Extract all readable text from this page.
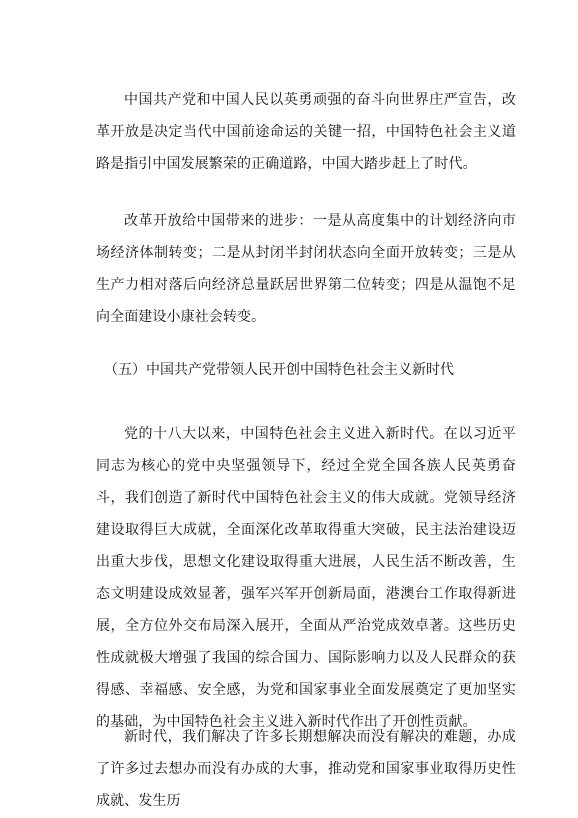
中国共产党和中国人民以英勇顽强的奋斗向世界庄严宣告，改革开放是决定当代中国前途命运的关键一招，中国特色社会主义道路是指引中国发展繁荣的正确道路，中国大踏步赶上了时代。

改革开放给中国带来的进步：一是从高度集中的计划经济向市场经济体制转变；二是从封闭半封闭状态向全面开放转变；三是从生产力相对落后向经济总量跃居世界第二位转变；四是从温饱不足向全面建设小康社会转变。

（五）中国共产党带领人民开创中国特色社会主义新时代

党的十八大以来，中国特色社会主义进入新时代。在以习近平同志为核心的党中央坚强领导下，经过全党全国各族人民英勇奋斗，我们创造了新时代中国特色社会主义的伟大成就。党领导经济建设取得巨大成就，全面深化改革取得重大突破，民主法治建设迈出重大步伐，思想文化建设取得重大进展，人民生活不断改善，生态文明建设成效显著，强军兴军开创新局面，港澳台工作取得新进展，全方位外交布局深入展开，全面从严治党成效卓著。这些历史性成就极大增强了我国的综合国力、国际影响力以及人民群众的获得感、幸福感、安全感，为党和国家事业全面发展奠定了更加坚实的基础，为中国特色社会主义进入新时代作出了开创性贡献。

新时代，我们解决了许多长期想解决而没有解决的难题，办成了许多过去想办而没有办成的大事，推动党和国家事业取得历史性成就、发生历
